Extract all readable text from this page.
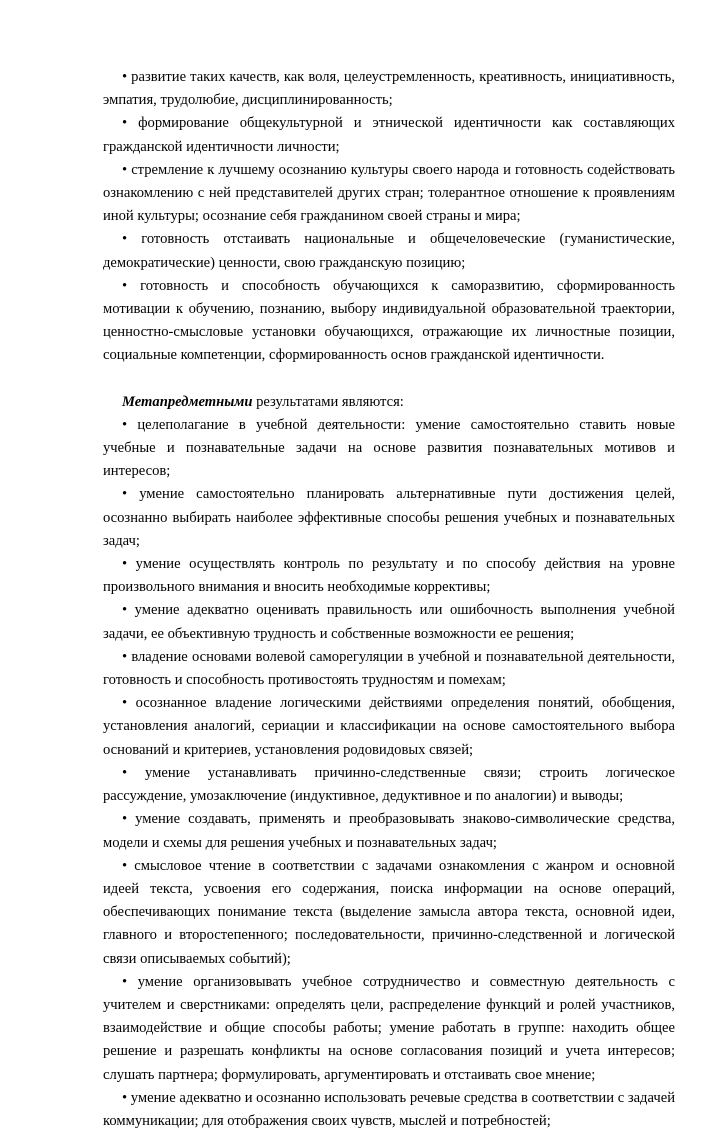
• развитие таких качеств, как воля, целеустремленность, креативность, инициативность, эмпатия, трудолюбие, дисциплинированность;

• формирование общекультурной и этнической идентичности как составляющих гражданской идентичности личности;

• стремление к лучшему осознанию культуры своего народа и готовность содействовать ознакомлению с ней представителей других стран; толерантное отношение к проявлениям иной культуры; осознание себя гражданином своей страны и мира;

• готовность отстаивать национальные и общечеловеческие (гуманистические, демократические) ценности, свою гражданскую позицию;

• готовность и способность обучающихся к саморазвитию, сформированность мотивации к обучению, познанию, выбору индивидуальной образовательной траектории, ценностно-смысловые установки обучающихся, отражающие их личностные позиции, социальные компетенции, сформированность основ гражданской идентичности.

Метапредметными результатами являются:

• целеполагание в учебной деятельности: умение самостоятельно ставить новые учебные и познавательные задачи на основе развития познавательных мотивов и интересов;

• умение самостоятельно планировать альтернативные пути достижения целей, осознанно выбирать наиболее эффективные способы решения учебных и познавательных задач;

• умение осуществлять контроль по результату и по способу действия на уровне произвольного внимания и вносить необходимые коррективы;

• умение адекватно оценивать правильность или ошибочность выполнения учебной задачи, ее объективную трудность и собственные возможности ее решения;

• владение основами волевой саморегуляции в учебной и познавательной деятельности, готовность и способность противостоять трудностям и помехам;

• осознанное владение логическими действиями определения понятий, обобщения, установления аналогий, сериации и классификации на основе самостоятельного выбора оснований и критериев, установления родовидовых связей;

• умение устанавливать причинно-следственные связи; строить логическое рассуждение, умозаключение (индуктивное, дедуктивное и по аналогии) и выводы;

• умение создавать, применять и преобразовывать знаково-символические средства, модели и схемы для решения учебных и познавательных задач;

• смысловое чтение в соответствии с задачами ознакомления с жанром и основной идеей текста, усвоения его содержания, поиска информации на основе операций, обеспечивающих понимание текста (выделение замысла автора текста, основной идеи, главного и второстепенного; последовательности, причинно-следственной и логической связи описываемых событий);

• умение организовывать учебное сотрудничество и совместную деятельность с учителем и сверстниками: определять цели, распределение функций и ролей участников, взаимодействие и общие способы работы; умение работать в группе: находить общее решение и разрешать конфликты на основе согласования позиций и учета интересов; слушать партнера; формулировать, аргументировать и отстаивать свое мнение;

• умение адекватно и осознанно использовать речевые средства в соответствии с задачей коммуникации; для отображения своих чувств, мыслей и потребностей;
